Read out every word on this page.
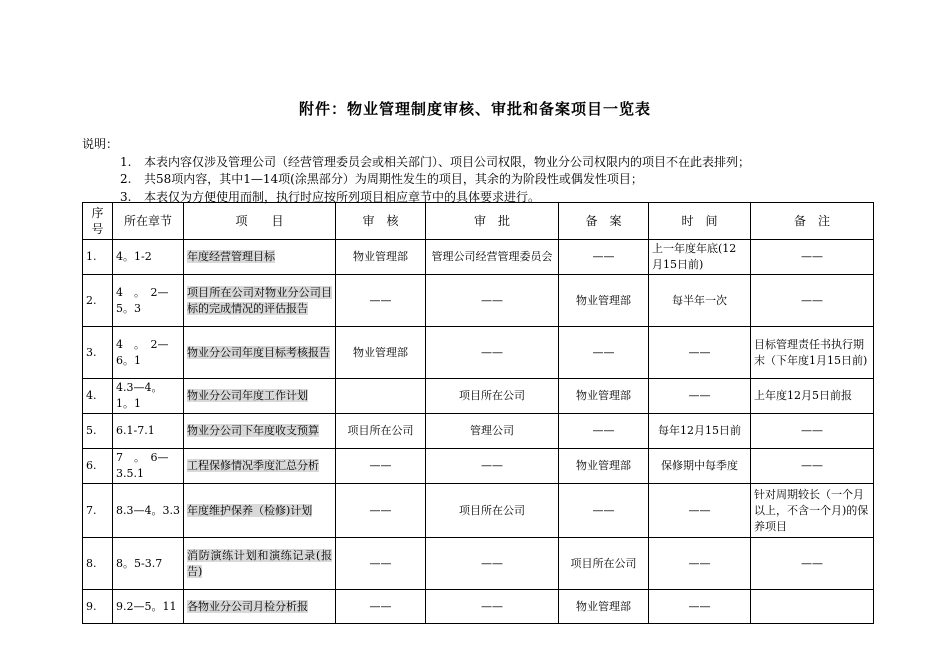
附件：物业管理制度审核、审批和备案项目一览表
说明：
1. 本表内容仅涉及管理公司（经营管理委员会或相关部门）、项目公司权限，物业分公司权限内的项目不在此表排列；
2. 共58项内容，其中1—14项(涂黑部分）为周期性发生的项目，其余的为阶段性或偶发性项目；
3. 本表仅为方便使用而制，执行时应按所列项目相应章节中的具体要求进行。
序号	所在章节	项　　目	审　核	审　批	备　案	时　间	备　注
1.	4。1-2	年度经营管理目标	物业管理部	管理公司经营管理委员会	——	上一年度年底(12月15日前)	——
2.	4　。　2—5。3	项目所在公司对物业分公司目标的完成情况的评估报告	——	——	物业管理部	每半年一次	——
3.	4　。　2—6。1	物业分公司年度目标考核报告	物业管理部	——	——	——	目标管理责任书执行期末（下年度1月15日前)
4.	4.3—4。1。1	物业分公司年度工作计划		项目所在公司	物业管理部	——	上年度12月5日前报
5.	6.1-7.1	物业分公司下年度收支预算	项目所在公司	管理公司	——	每年12月15日前	——
6.	7　。　6—3.5.1	工程保修情况季度汇总分析	——	——	物业管理部	保修期中每季度	——
7.	8.3—4。3.3	年度维护保养（检修)计划	——	项目所在公司	——	——	针对周期较长（一个月以上，不含一个月)的保养项目
8.	8。5-3.7	消防演练计划和演练记录(报告)	——	——	项目所在公司	——	——
9.	9.2—5。11	各物业分公司月检分析报	——	——	物业管理部	——	
